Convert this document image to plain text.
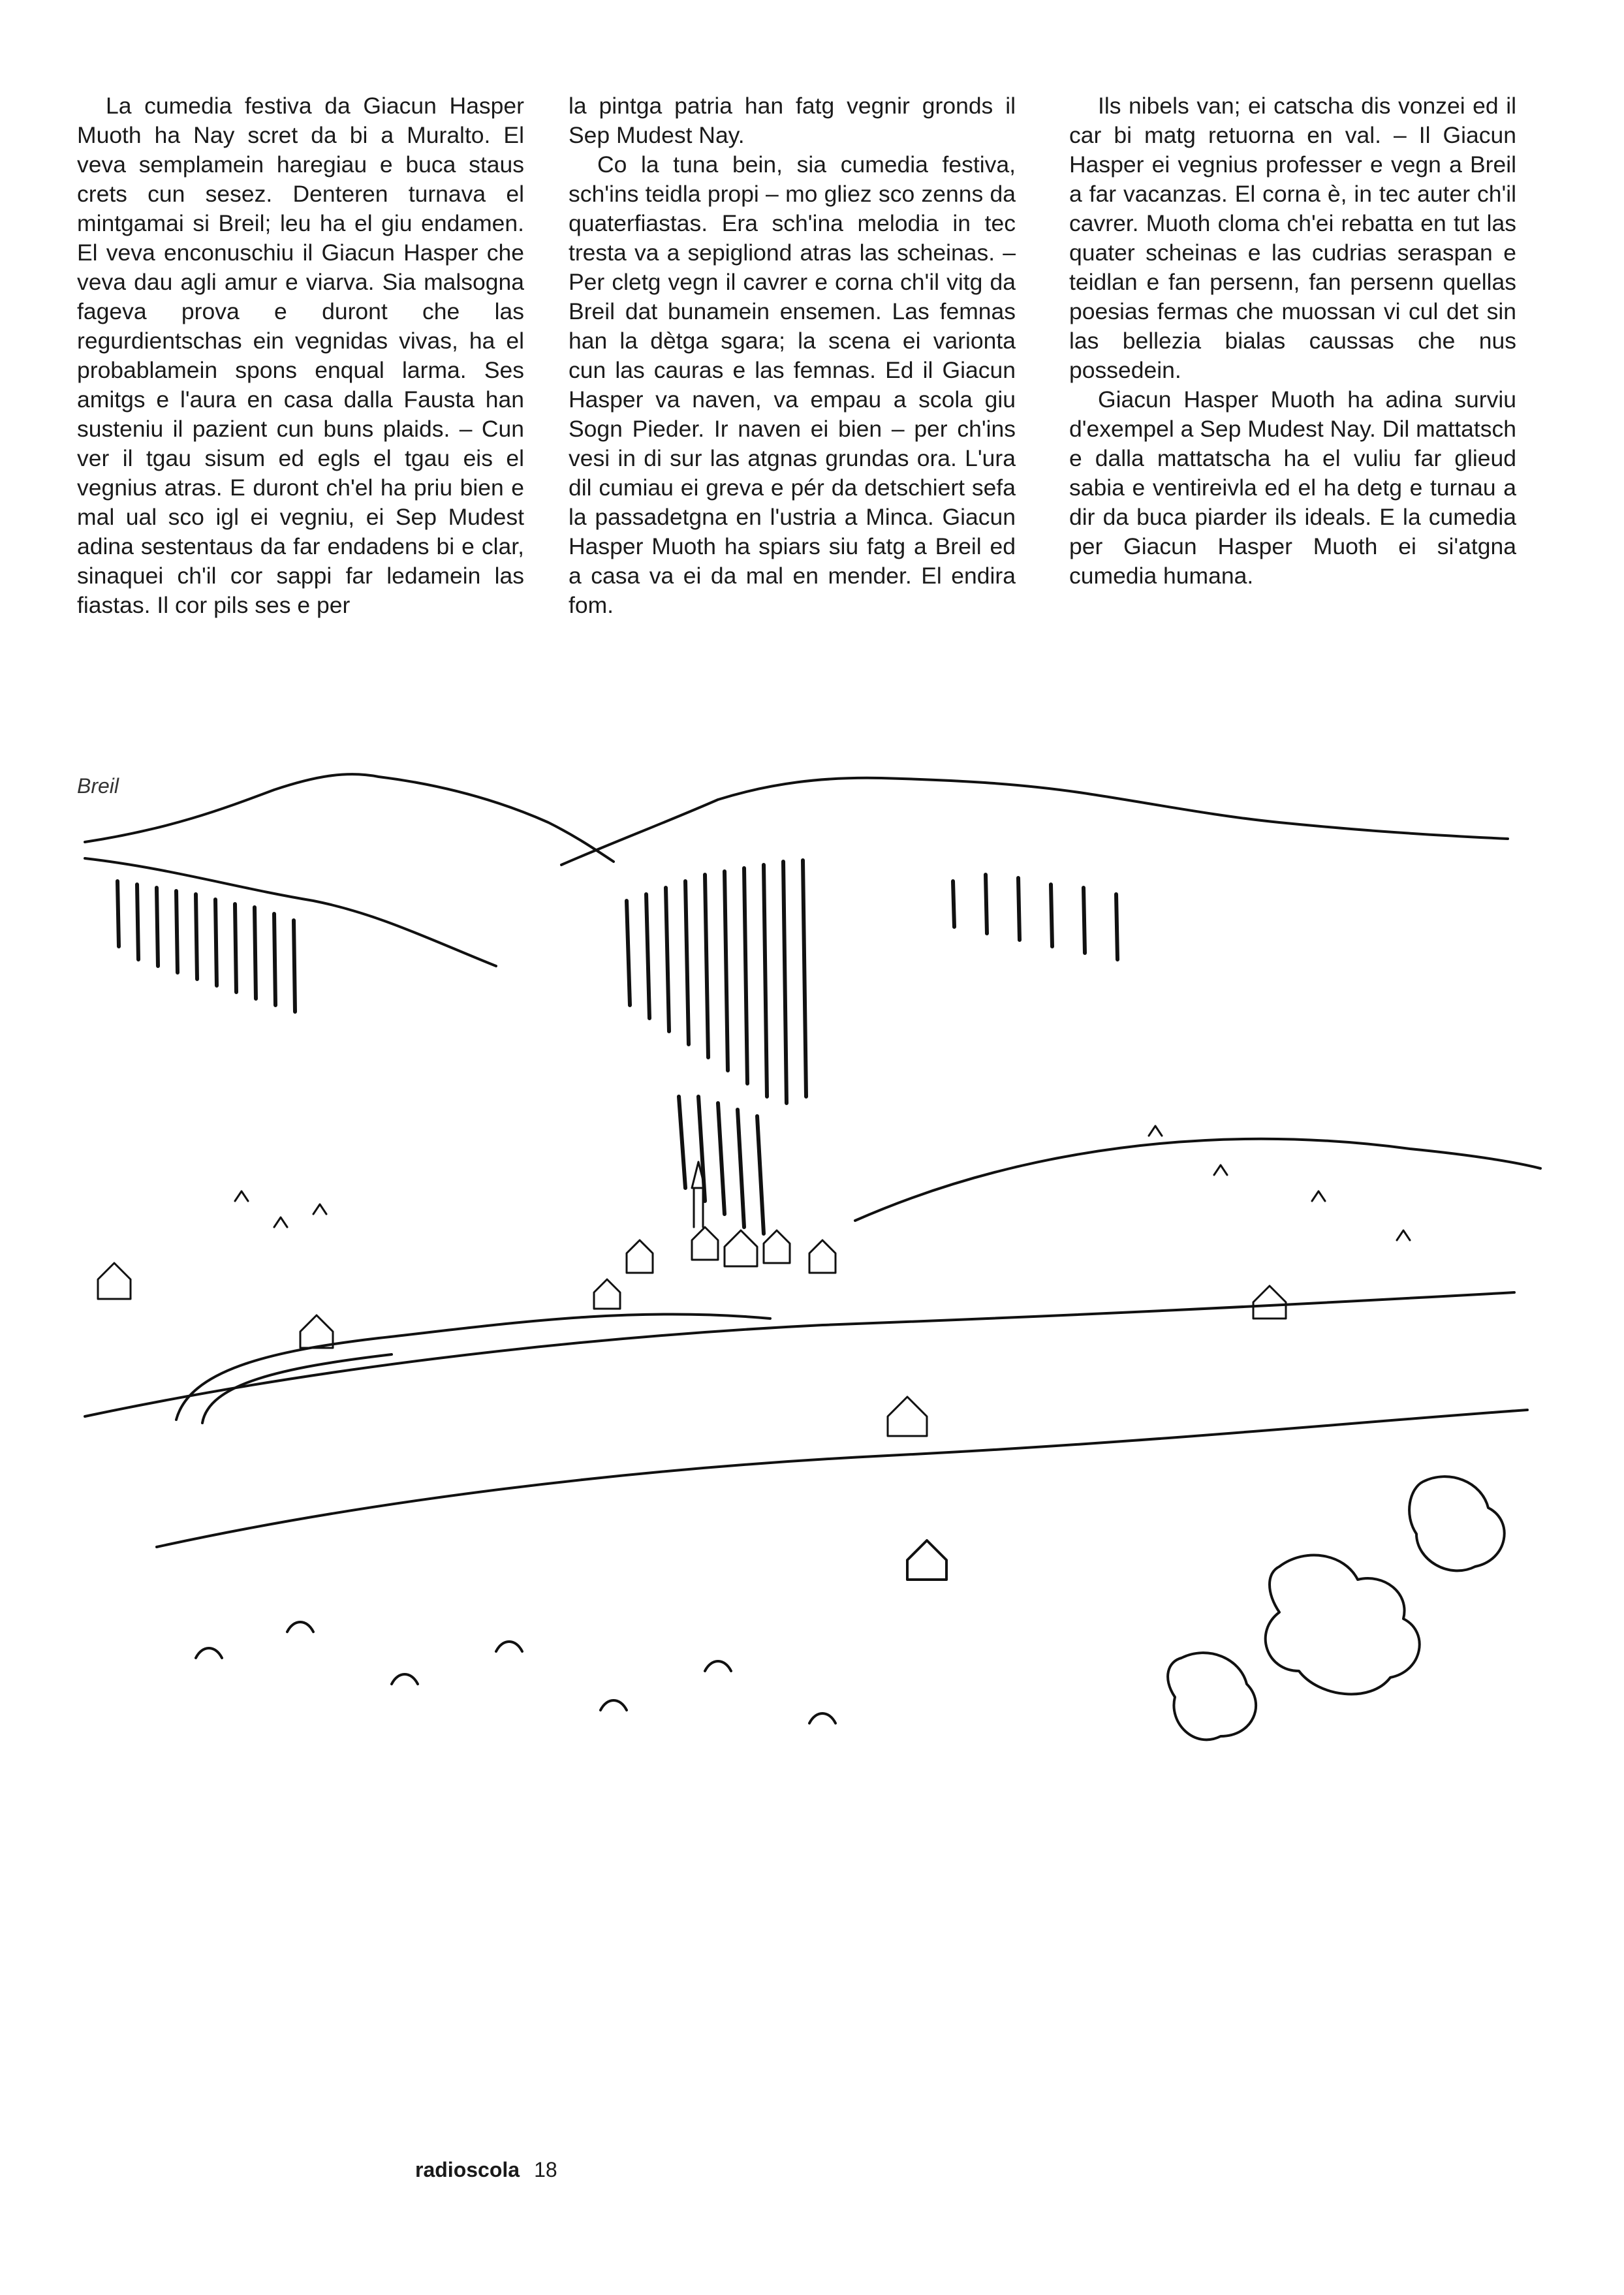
La cumedia festiva da Giacun Hasper Muoth ha Nay scret da bi a Muralto. El veva semplamein haregiau e buca staus crets cun sesez. Denteren turnava el mintgamai si Breil; leu ha el giu endamen. El veva enconuschiu il Giacun Hasper che veva dau agli amur e viarva. Sia malsogna fageva prova e duront che las regurdientschas ein vegnidas vivas, ha el probablamein spons enqual larma. Ses amitgs e l'aura en casa dalla Fausta han susteniu il pazient cun buns plaids. – Cun ver il tgau sisum ed egls el tgau eis el vegnius atras. E duront ch'el ha priu bien e mal ual sco igl ei vegniu, ei Sep Mudest adina sestentaus da far endadens bi e clar, sinaquei ch'il cor sappi far ledamein las fiastas. Il cor pils ses e per

la pintga patria han fatg vegnir gronds il Sep Mudest Nay.

Co la tuna bein, sia cumedia festiva, sch'ins teidla propi – mo gliez sco zenns da quaterfiastas. Era sch'ina melodia in tec tresta va a sepigliond atras las scheinas. – Per cletg vegn il cavrer e corna ch'il vitg da Breil dat bunamein ensemen. Las femnas han la dètga sgara; la scena ei varionta cun las cauras e las femnas. Ed il Giacun Hasper va naven, va empau a scola giu Sogn Pieder. Ir naven ei bien – per ch'ins vesi in di sur las atgnas grundas ora. L'ura dil cumiau ei greva e pér da detschiert sefa la passadetgna en l'ustria a Minca. Giacun Hasper Muoth ha spiars siu fatg a Breil ed a casa va ei da mal en mender. El endira fom.

Ils nibels van; ei catscha dis vonzei ed il car bi matg retuorna en val. – Il Giacun Hasper ei vegnius professer e vegn a Breil a far vacanzas. El corna è, in tec auter ch'il cavrer. Muoth cloma ch'ei rebatta en tut las quater scheinas e las cudrias seraspan e teidlan e fan persenn, fan persenn quellas poesias fermas che muossan vi cul det sin las bellezia bialas caussas che nus possedein.

Giacun Hasper Muoth ha adina surviu d'exempel a Sep Mudest Nay. Dil mattatsch e dalla mattatscha ha el vuliu far glieud sabia e ventireivla ed el ha detg e turnau a dir da buca piarder ils ideals. E la cumedia per Giacun Hasper Muoth ei si'atgna cumedia humana.

Breil
radioscola 18
